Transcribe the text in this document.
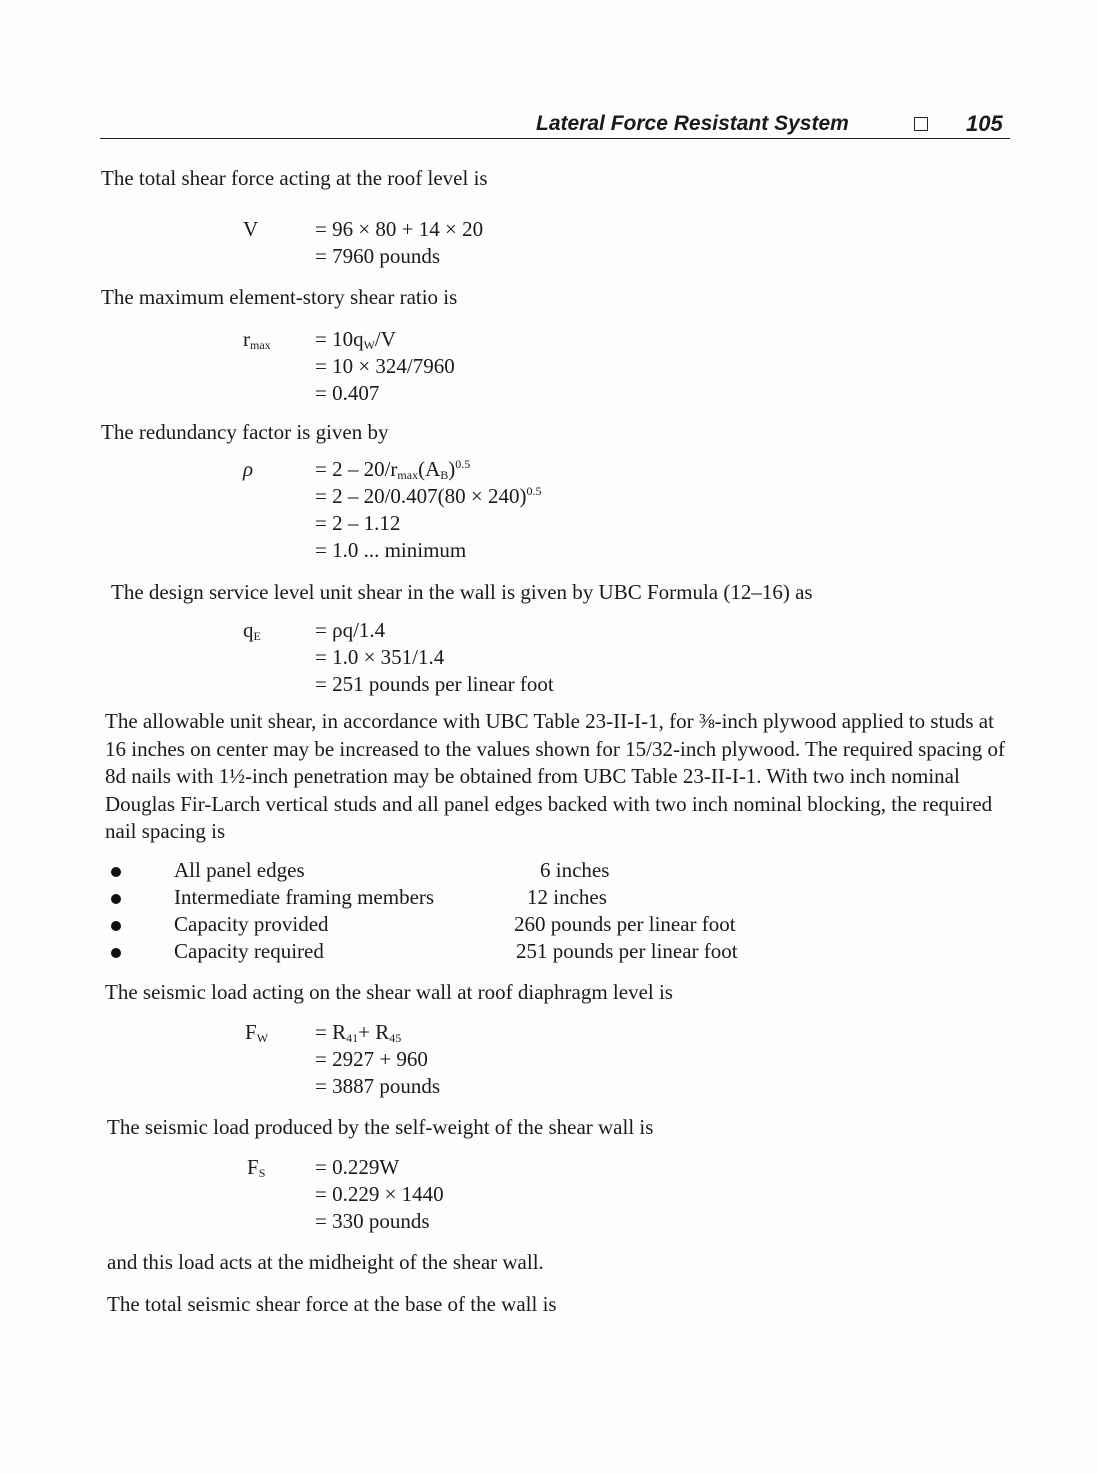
Lateral Force Resistant System	105

The total shear force acting at the roof level is

V	= 96 × 80 + 14 × 20
= 7960 pounds

The maximum element-story shear ratio is

$r_{max} = 10q_W/V$
= 10 × 324/7960
= 0.407

The redundancy factor is given by

ρ	= $2 - 20/r_{max}(A_B)^{0.5}$
= $2 - 20/0.407(80 \times 240)^{0.5}$
= 2 – 1.12
= 1.0 ... minimum

The design service level unit shear in the wall is given by UBC Formula (12–16) as

$q_E$	= ρq/1.4
= 1.0 × 351/1.4
= 251 pounds per linear foot

The allowable unit shear, in accordance with UBC Table 23-II-I-1, for ⅜-inch plywood applied to studs at 16 inches on center may be increased to the values shown for 15/32-inch plywood. The required spacing of 8d nails with 1½-inch penetration may be obtained from UBC Table 23-II-I-1. With two inch nominal Douglas Fir-Larch vertical studs and all panel edges backed with two inch nominal blocking, the required nail spacing is

All panel edges	6 inches
Intermediate framing members	12 inches
Capacity provided	260 pounds per linear foot
Capacity required	251 pounds per linear foot

The seismic load acting on the shear wall at roof diaphragm level is

$F_W = R_{41}+ R_{45}$
= 2927 + 960
= 3887 pounds

The seismic load produced by the self-weight of the shear wall is

$F_S = 0.229W$
= 0.229 × 1440
= 330 pounds

and this load acts at the midheight of the shear wall.

The total seismic shear force at the base of the wall is
